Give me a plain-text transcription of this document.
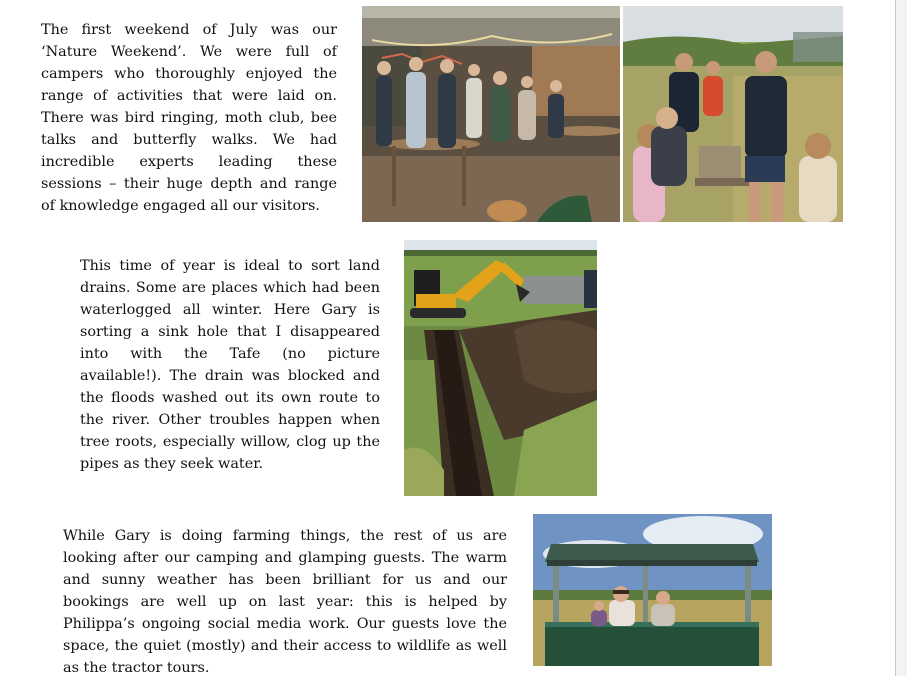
The first weekend of July was our
‘Nature Weekend’. We were full of
campers who thoroughly enjoyed the
range of activities that were laid on.
There was bird ringing, moth club, bee
talks and butterfly walks. We had
incredible experts leading these
sessions – their huge depth and range
of knowledge engaged all our visitors.

This time of year is ideal to sort land
drains. Some are places which had been
waterlogged all winter. Here Gary is
sorting a sink hole that I disappeared
into with the Tafe (no picture
available!). The drain was blocked and
the floods washed out its own route to
the river. Other troubles happen when
tree roots, especially willow, clog up the
pipes as they seek water.

While Gary is doing farming things, the rest of us are
looking after our camping and glamping guests. The warm
and sunny weather has been brilliant for us and our
bookings are well up on last year: this is helped by
Philippa’s ongoing social media work. Our guests love the
space, the quiet (mostly) and their access to wildlife as well
as the tractor tours.
